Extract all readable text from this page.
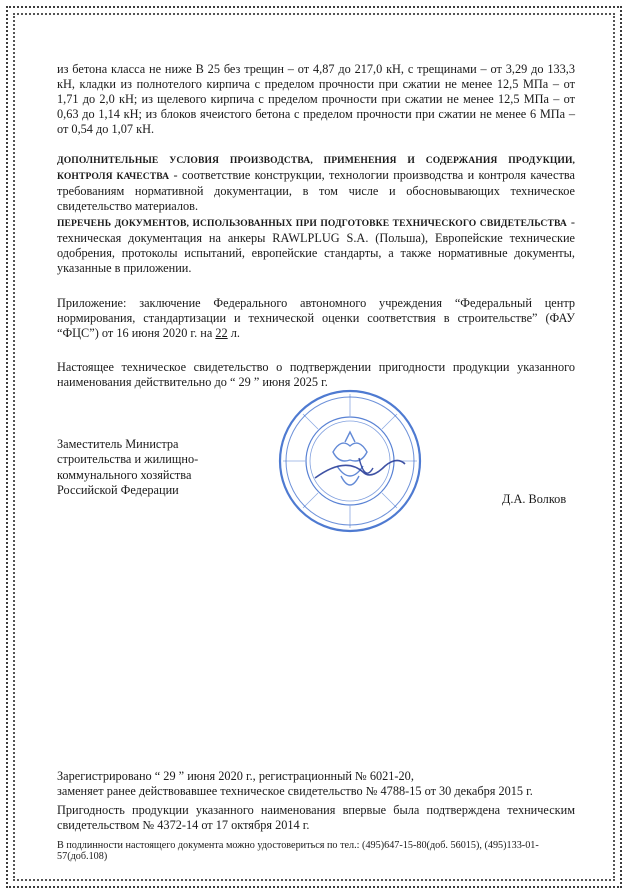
из бетона класса не ниже В 25 без трещин – от 4,87 до 217,0 кН, с трещинами – от 3,29 до 133,3 кН, кладки из полнотелого кирпича с пределом прочности при сжатии не менее 12,5 МПа – от 1,71 до 2,0 кН; из щелевого кирпича с пределом прочности при сжатии не менее 12,5 МПа – от 0,63 до 1,14 кН; из блоков ячеистого бетона с пределом прочности при сжатии не менее 6 МПа – от 0,54 до 1,07 кН.

ДОПОЛНИТЕЛЬНЫЕ УСЛОВИЯ ПРОИЗВОДСТВА, ПРИМЕНЕНИЯ И СОДЕРЖАНИЯ ПРОДУКЦИИ, КОНТРОЛЯ КАЧЕСТВА - соответствие конструкции, технологии производства и контроля качества требованиям нормативной документации, в том числе и обосновывающих техническое свидетельство материалов.

ПЕРЕЧЕНЬ ДОКУМЕНТОВ, ИСПОЛЬЗОВАННЫХ ПРИ ПОДГОТОВКЕ ТЕХНИЧЕСКОГО СВИДЕТЕЛЬСТВА - техническая документация на анкеры RAWLPLUG S.A. (Польша), Европейские технические одобрения, протоколы испытаний, европейские стандарты, а также нормативные документы, указанные в приложении.

Приложение: заключение Федерального автономного учреждения “Федеральный центр нормирования, стандартизации и технической оценки соответствия в строительстве” (ФАУ “ФЦС”) от 16 июня 2020 г. на 22 л.

Настоящее техническое свидетельство о подтверждении пригодности продукции указанного наименования действительно до “ 29 ” июня 2025 г.

Заместитель Министра
строительства и жилищно-
коммунального хозяйства
Российской Федерации
Д.А. Волков
Зарегистрировано “ 29 ” июня 2020 г., регистрационный № 6021-20,
заменяет ранее действовавшее техническое свидетельство № 4788-15 от 30 декабря 2015 г.

Пригодность продукции указанного наименования впервые была подтверждена техническим свидетельством № 4372-14 от 17 октября 2014 г.

В подлинности настоящего документа можно удостовериться по тел.: (495)647-15-80(доб. 56015), (495)133-01-57(доб.108)
